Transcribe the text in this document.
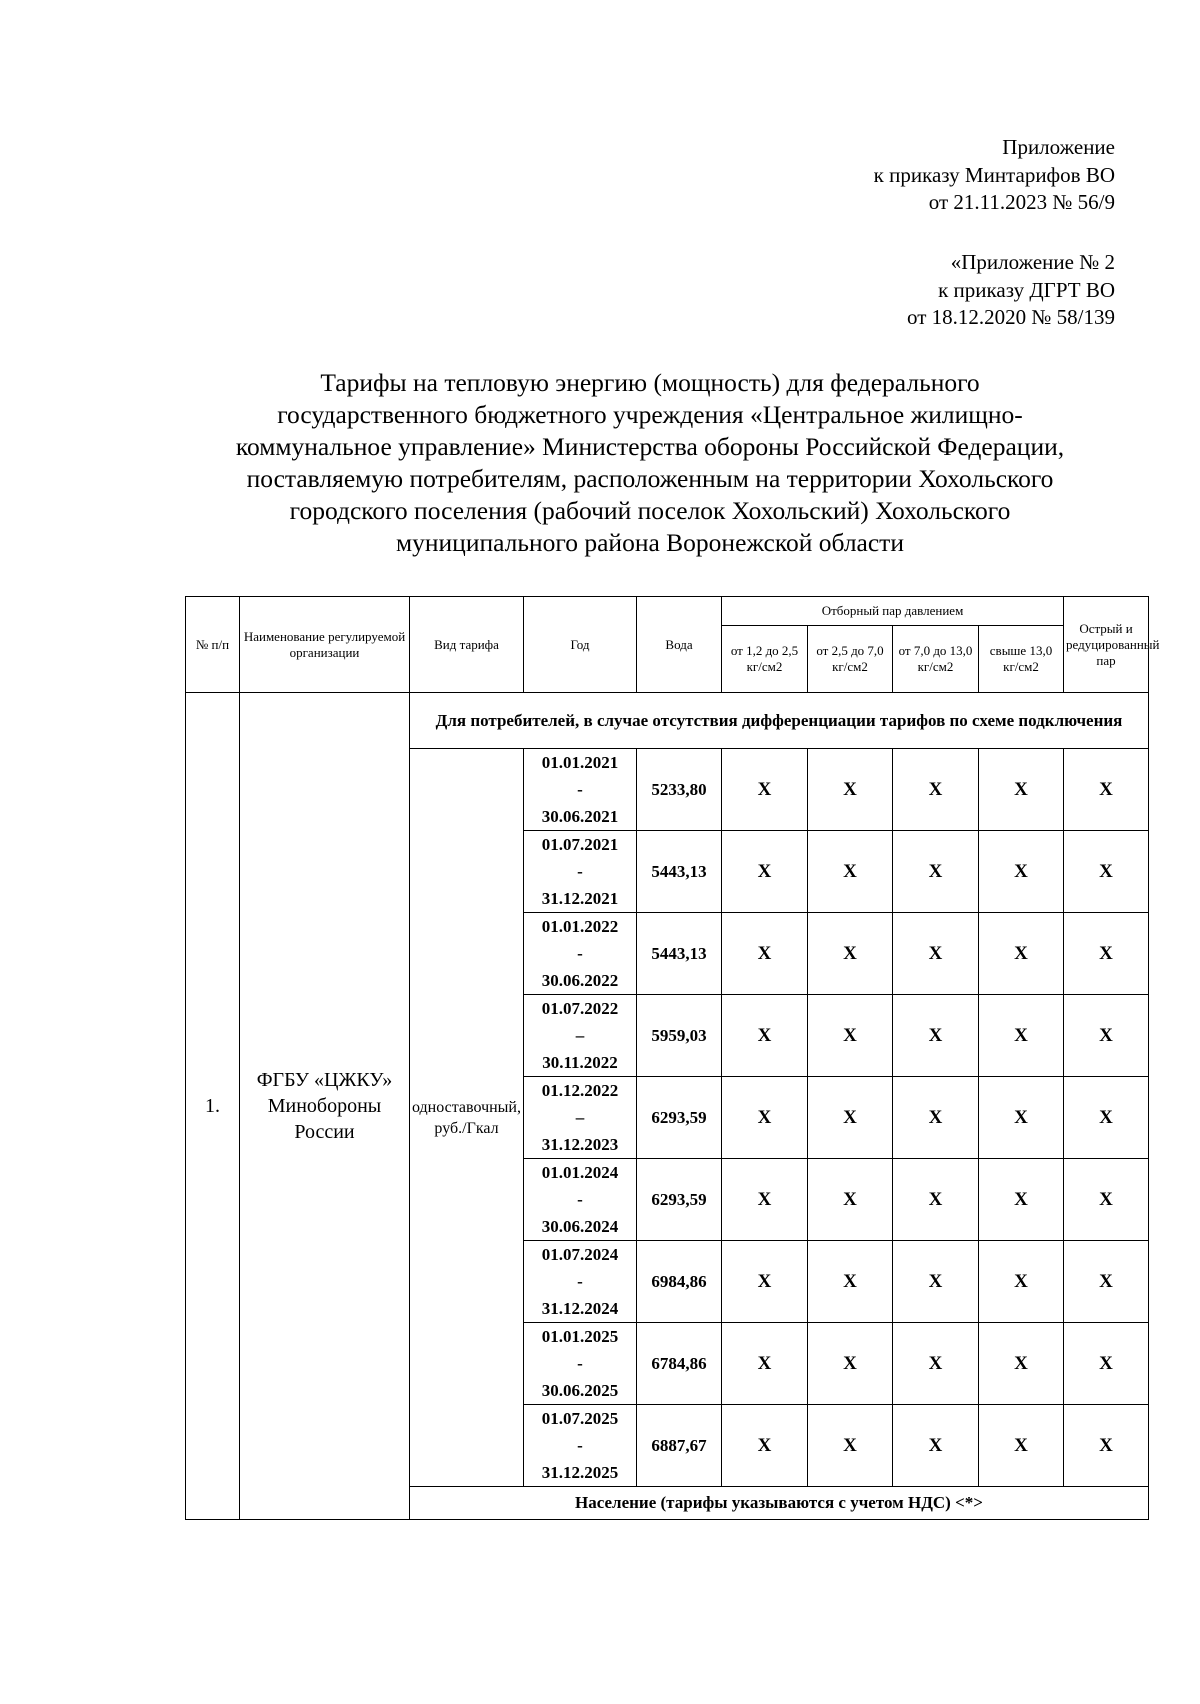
Приложение
к приказу Минтарифов ВО
от 21.11.2023 № 56/9
«Приложение № 2
к приказу ДГРТ ВО
от 18.12.2020 № 58/139
Тарифы на тепловую энергию (мощность) для федерального
государственного бюджетного учреждения «Центральное жилищно-
коммунальное управление» Министерства обороны Российской Федерации,
поставляемую потребителям, расположенным на территории Хохольского
городского поселения (рабочий поселок Хохольский) Хохольского
муниципального района Воронежской области
№ п/п	Наименование регулируемой организации	Вид тарифа	Год	Вода	Отборный пар давлением				Острый и редуцированный пар
					от 1,2 до 2,5 кг/см2	от 2,5 до 7,0 кг/см2	от 7,0 до 13,0 кг/см2	свыше 13,0 кг/см2	
1.	ФГБУ «ЦЖКУ» Минобороны России	Для потребителей, в случае отсутствия дифференциации тарифов по схеме подключения							
		одноставочный, руб./Гкал	01.01.2021
-
30.06.2021	5233,80	X	X	X	X	X

			01.07.2021
-
31.12.2021	5443,13	X	X	X	X	X

			01.01.2022
-
30.06.2022	5443,13	X	X	X	X	X

			01.07.2022
–
30.11.2022	5959,03	X	X	X	X	X

			01.12.2022
–
31.12.2023	6293,59	X	X	X	X	X

			01.01.2024
-
30.06.2024	6293,59	X	X	X	X	X

			01.07.2024
-
31.12.2024	6984,86	X	X	X	X	X

			01.01.2025
-
30.06.2025	6784,86	X	X	X	X	X

			01.07.2025
-
31.12.2025	6887,67	X	X	X	X	X
		Население (тарифы указываются с учетом НДС) <*>							
